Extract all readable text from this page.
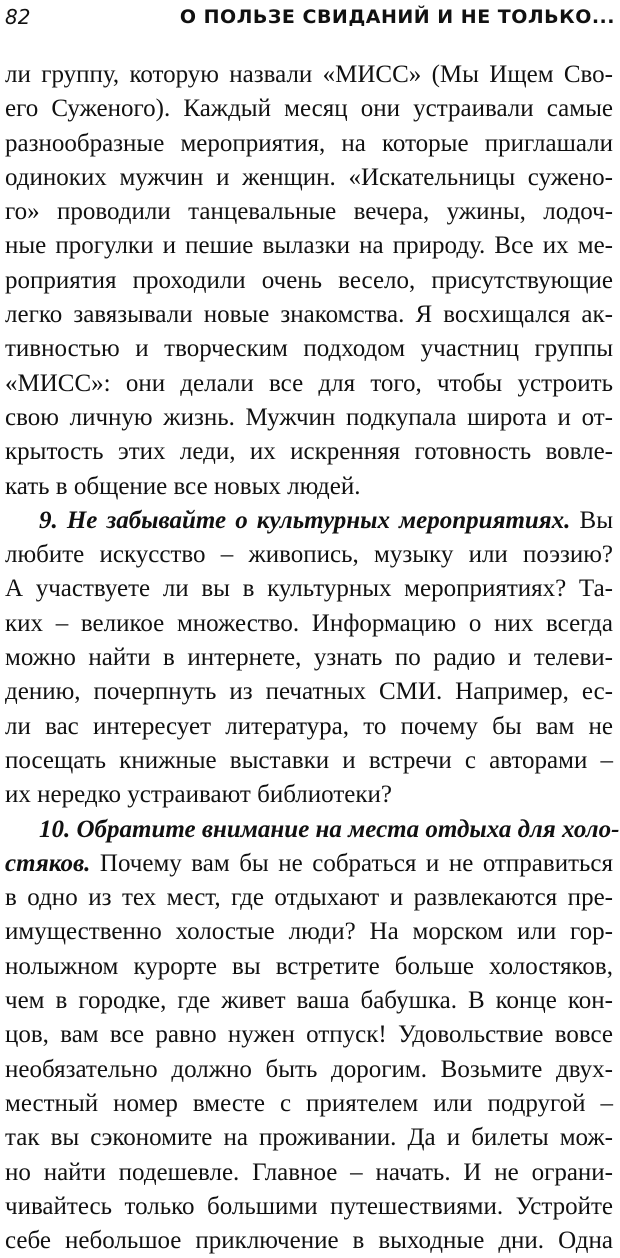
82	О ПОЛЬЗЕ СВИДАНИЙ И НЕ ТОЛЬКО...
ли группу, которую назвали «МИСС» (Мы Ищем Сво-
его Суженого). Каждый месяц они устраивали самые
разнообразные мероприятия, на которые приглашали
одиноких мужчин и женщин. «Искательницы сужено-
го» проводили танцевальные вечера, ужины, лодоч-
ные прогулки и пешие вылазки на природу. Все их ме-
роприятия проходили очень весело, присутствующие
легко завязывали новые знакомства. Я восхищался ак-
тивностью и творческим подходом участниц группы
«МИСС»: они делали все для того, чтобы устроить
свою личную жизнь. Мужчин подкупала широта и от-
крытость этих леди, их искренняя готовность вовле-
кать в общение все новых людей.
9. Не забывайте о культурных мероприятиях. Вы
любите искусство – живопись, музыку или поэзию?
А участвуете ли вы в культурных мероприятиях? Та-
ких – великое множество. Информацию о них всегда
можно найти в интернете, узнать по радио и телеви-
дению, почерпнуть из печатных СМИ. Например, ес-
ли вас интересует литература, то почему бы вам не
посещать книжные выставки и встречи с авторами –
их нередко устраивают библиотеки?
10. Обратите внимание на места отдыха для холо-
стяков. Почему вам бы не собраться и не отправиться
в одно из тех мест, где отдыхают и развлекаются пре-
имущественно холостые люди? На морском или гор-
нолыжном курорте вы встретите больше холостяков,
чем в городке, где живет ваша бабушка. В конце кон-
цов, вам все равно нужен отпуск! Удовольствие вовсе
необязательно должно быть дорогим. Возьмите двух-
местный номер вместе с приятелем или подругой –
так вы сэкономите на проживании. Да и билеты мож-
но найти подешевле. Главное – начать. И не ограни-
чивайтесь только большими путешествиями. Устройте
себе небольшое приключение в выходные дни. Одна
